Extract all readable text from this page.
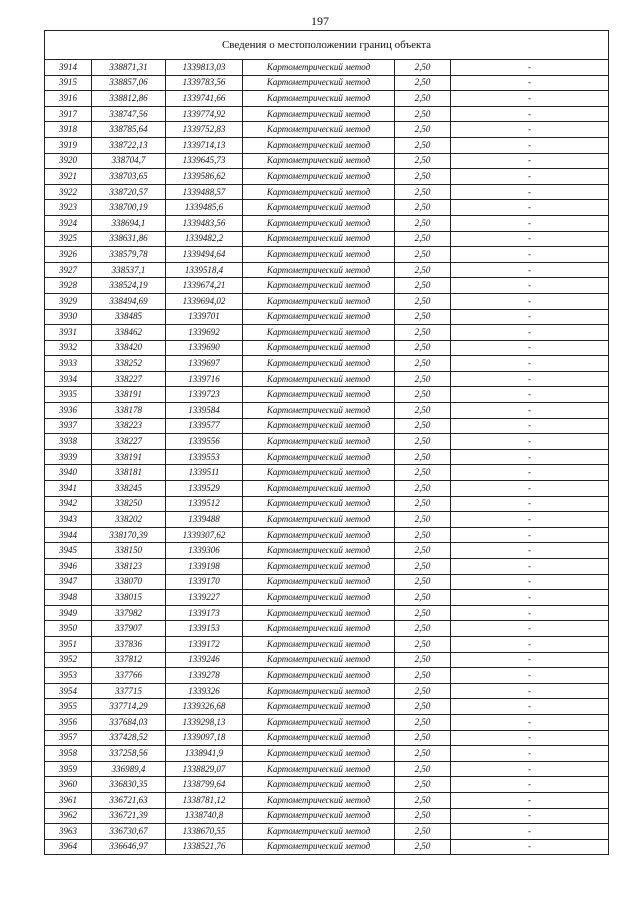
197
Сведения о местоположении границ объекта					
3914	338871,31	1339813,03	Картометрический метод	2,50	-
3915	338857,06	1339783,56	Картометрический метод	2,50	-
3916	338812,86	1339741,66	Картометрический метод	2,50	-
3917	338747,56	1339774,92	Картометрический метод	2,50	-
3918	338785,64	1339752,83	Картометрический метод	2,50	-
3919	338722,13	1339714,13	Картометрический метод	2,50	-
3920	338704,7	1339645,73	Картометрический метод	2,50	-
3921	338703,65	1339586,62	Картометрический метод	2,50	-
3922	338720,57	1339488,57	Картометрический метод	2,50	-
3923	338700,19	1339485,6	Картометрический метод	2,50	-
3924	338694,1	1339483,56	Картометрический метод	2,50	-
3925	338631,86	1339482,2	Картометрический метод	2,50	-
3926	338579,78	1339494,64	Картометрический метод	2,50	-
3927	338537,1	1339518,4	Картометрический метод	2,50	-
3928	338524,19	1339674,21	Картометрический метод	2,50	-
3929	338494,69	1339694,02	Картометрический метод	2,50	-
3930	338485	1339701	Картометрический метод	2,50	-
3931	338462	1339692	Картометрический метод	2,50	-
3932	338420	1339690	Картометрический метод	2,50	-
3933	338252	1339697	Картометрический метод	2,50	-
3934	338227	1339716	Картометрический метод	2,50	-
3935	338191	1339723	Картометрический метод	2,50	-
3936	338178	1339584	Картометрический метод	2,50	-
3937	338223	1339577	Картометрический метод	2,50	-
3938	338227	1339556	Картометрический метод	2,50	-
3939	338191	1339553	Картометрический метод	2,50	-
3940	338181	1339511	Картометрический метод	2,50	-
3941	338245	1339529	Картометрический метод	2,50	-
3942	338250	1339512	Картометрический метод	2,50	-
3943	338202	1339488	Картометрический метод	2,50	-
3944	338170,39	1339307,62	Картометрический метод	2,50	-
3945	338150	1339306	Картометрический метод	2,50	-
3946	338123	1339198	Картометрический метод	2,50	-
3947	338070	1339170	Картометрический метод	2,50	-
3948	338015	1339227	Картометрический метод	2,50	-
3949	337982	1339173	Картометрический метод	2,50	-
3950	337907	1339153	Картометрический метод	2,50	-
3951	337836	1339172	Картометрический метод	2,50	-
3952	337812	1339246	Картометрический метод	2,50	-
3953	337766	1339278	Картометрический метод	2,50	-
3954	337715	1339326	Картометрический метод	2,50	-
3955	337714,29	1339326,68	Картометрический метод	2,50	-
3956	337684,03	1339298,13	Картометрический метод	2,50	-
3957	337428,52	1339097,18	Картометрический метод	2,50	-
3958	337258,56	1338941,9	Картометрический метод	2,50	-
3959	336989,4	1338829,07	Картометрический метод	2,50	-
3960	336830,35	1338799,64	Картометрический метод	2,50	-
3961	336721,63	1338781,12	Картометрический метод	2,50	-
3962	336721,39	1338740,8	Картометрический метод	2,50	-
3963	336730,67	1338670,55	Картометрический метод	2,50	-
3964	336646,97	1338521,76	Картометрический метод	2,50	-
